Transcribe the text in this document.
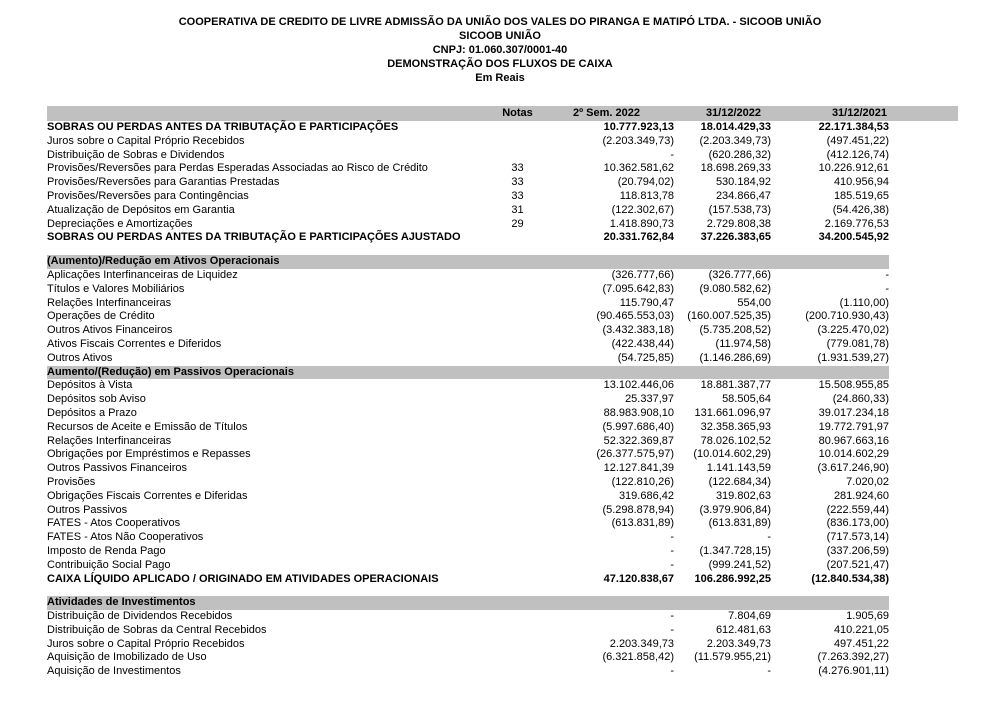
COOPERATIVA DE CREDITO DE LIVRE ADMISSÃO DA UNIÃO DOS VALES DO PIRANGA E MATIPÓ LTDA. - SICOOB UNIÃO
SICOOB UNIÃO
CNPJ: 01.060.307/0001-40
DEMONSTRAÇÃO DOS FLUXOS DE CAIXA
Em Reais
Notas	2º Sem. 2022	31/12/2022	31/12/2021
SOBRAS OU PERDAS ANTES DA TRIBUTAÇÃO E PARTICIPAÇÕES	10.777.923,13	18.014.429,33	22.171.384,53
Juros sobre o Capital Próprio Recebidos	(2.203.349,73)	(2.203.349,73)	(497.451,22)
Distribuição de Sobras e Dividendos	-	(620.286,32)	(412.126,74)
Provisões/Reversões para Perdas Esperadas Associadas ao Risco de Crédito	33	10.362.581,62	18.698.269,33	10.226.912,61
Provisões/Reversões para Garantias Prestadas	33	(20.794,02)	530.184,92	410.956,94
Provisões/Reversões para Contingências	33	118.813,78	234.866,47	185.519,65
Atualização de Depósitos em Garantia	31	(122.302,67)	(157.538,73)	(54.426,38)
Depreciações e Amortizações	29	1.418.890,73	2.729.808,38	2.169.776,53
SOBRAS OU PERDAS ANTES DA TRIBUTAÇÃO E PARTICIPAÇÕES AJUSTADO	20.331.762,84	37.226.383,65	34.200.545,92
(Aumento)/Redução em Ativos Operacionais
Aplicações Interfinanceiras de Liquidez	(326.777,66)	(326.777,66)	-
Títulos e Valores Mobiliários	(7.095.642,83)	(9.080.582,62)	-
Relações Interfinanceiras	115.790,47	554,00	(1.110,00)
Operações de Crédito	(90.465.553,03)	(160.007.525,35)	(200.710.930,43)
Outros Ativos Financeiros	(3.432.383,18)	(5.735.208,52)	(3.225.470,02)
Ativos Fiscais Correntes e Diferidos	(422.438,44)	(11.974,58)	(779.081,78)
Outros Ativos	(54.725,85)	(1.146.286,69)	(1.931.539,27)
Aumento/(Redução) em Passivos Operacionais
Depósitos à Vista	13.102.446,06	18.881.387,77	15.508.955,85
Depósitos sob Aviso	25.337,97	58.505,64	(24.860,33)
Depósitos a Prazo	88.983.908,10	131.661.096,97	39.017.234,18
Recursos de Aceite e Emissão de Títulos	(5.997.686,40)	32.358.365,93	19.772.791,97
Relações Interfinanceiras	52.322.369,87	78.026.102,52	80.967.663,16
Obrigações por Empréstimos e Repasses	(26.377.575,97)	(10.014.602,29)	10.014.602,29
Outros Passivos Financeiros	12.127.841,39	1.141.143,59	(3.617.246,90)
Provisões	(122.810,26)	(122.684,34)	7.020,02
Obrigações Fiscais Correntes e Diferidas	319.686,42	319.802,63	281.924,60
Outros Passivos	(5.298.878,94)	(3.979.906,84)	(222.559,44)
FATES - Atos Cooperativos	(613.831,89)	(613.831,89)	(836.173,00)
FATES - Atos Não Cooperativos	-	-	(717.573,14)
Imposto de Renda Pago	-	(1.347.728,15)	(337.206,59)
Contribuição Social Pago	-	(999.241,52)	(207.521,47)
CAIXA LÍQUIDO APLICADO / ORIGINADO EM ATIVIDADES OPERACIONAIS	47.120.838,67	106.286.992,25	(12.840.534,38)
Atividades de Investimentos
Distribuição de Dividendos Recebidos	-	7.804,69	1.905,69
Distribuição de Sobras da Central Recebidos	-	612.481,63	410.221,05
Juros sobre o Capital Próprio Recebidos	2.203.349,73	2.203.349,73	497.451,22
Aquisição de Imobilizado de Uso	(6.321.858,42)	(11.579.955,21)	(7.263.392,27)
Aquisição de Investimentos	-	-	(4.276.901,11)
